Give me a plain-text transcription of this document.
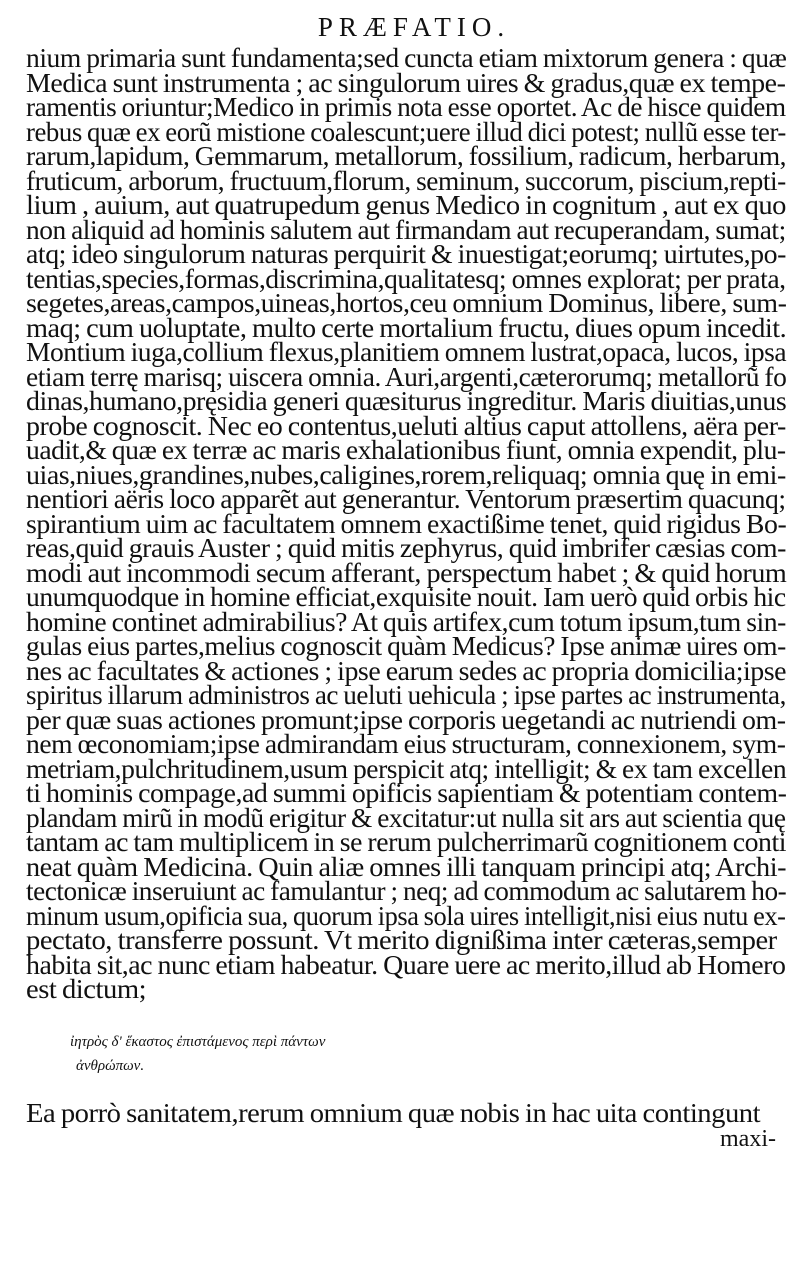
PRÆFATIO.
nium primaria sunt fundamenta;sed cuncta etiam mixtorum genera : quæ
Medica sunt instrumenta ; ac singulorum uires & gradus,quæ ex tempe-
ramentis oriuntur;Medico in primis nota esse oportet. Ac de hisce quidem
rebus quæ ex eorũ mistione coalescunt;uere illud dici potest; nullũ esse ter-
rarum,lapidum, Gemmarum, metallorum, fossilium, radicum, herbarum,
fruticum, arborum, fructuum,florum, seminum, succorum, piscium,repti-
lium , auium, aut quatrupedum genus Medico in cognitum , aut ex quo
non aliquid ad hominis salutem aut firmandam aut recuperandam, sumat;
atq; ideo singulorum naturas perquirit & inuestigat;eorumq; uirtutes,po-
tentias,species,formas,discrimina,qualitatesq; omnes explorat; per prata,
segetes,areas,campos,uineas,hortos,ceu omnium Dominus, libere, sum-
maq; cum uoluptate, multo certe mortalium fructu, diues opum incedit.
Montium iuga,collium flexus,planitiem omnem lustrat,opaca, lucos, ipsa
etiam terrę marisq; uiscera omnia. Auri,argenti,cæterorumq; metallorũ fo
dinas,humano,pręsidia generi quæsiturus ingreditur. Maris diuitias,unus
probe cognoscit. Nec eo contentus,ueluti altius caput attollens, aëra per-
uadit,& quæ ex terræ ac maris exhalationibus fiunt, omnia expendit, plu-
uias,niues,grandines,nubes,caligines,rorem,reliquaq; omnia quę in emi-
nentiori aëris loco apparẽt aut generantur. Ventorum præsertim quacunq;
spirantium uim ac facultatem omnem exactißime tenet, quid rigidus Bo-
reas,quid grauis Auster ; quid mitis zephyrus, quid imbrifer cæsias com-
modi aut incommodi secum afferant, perspectum habet ; & quid horum
unumquodque in homine efficiat,exquisite nouit. Iam uerò quid orbis hic
homine continet admirabilius? At quis artifex,cum totum ipsum,tum sin-
gulas eius partes,melius cognoscit quàm Medicus? Ipse animæ uires om-
nes ac facultates & actiones ; ipse earum sedes ac propria domicilia;ipse
spiritus illarum administros ac ueluti uehicula ; ipse partes ac instrumenta,
per quæ suas actiones promunt;ipse corporis uegetandi ac nutriendi om-
nem œconomiam;ipse admirandam eius structuram, connexionem, sym-
metriam,pulchritudinem,usum perspicit atq; intelligit; & ex tam excellen
ti hominis compage,ad summi opificis sapientiam & potentiam contem-
plandam mirũ in modũ erigitur & excitatur:ut nulla sit ars aut scientia quę
tantam ac tam multiplicem in se rerum pulcherrimarũ cognitionem conti
neat quàm Medicina. Quin aliæ omnes illi tanquam principi atq; Archi-
tectonicæ inseruiunt ac famulantur ; neq; ad commodum ac salutarem ho-
minum usum,opificia sua, quorum ipsa sola uires intelligit,nisi eius nutu ex-
pectato, transferre possunt. Vt merito dignißima inter cæteras,semper
habita sit,ac nunc etiam habeatur. Quare uere ac merito,illud ab Homero
est dictum;
ἰητρὸς δ' ἕκαστος ἐπιστάμενος περὶ πάντων
ἀνθρώπων.
Ea porrò sanitatem,rerum omnium quæ nobis in hac uita contingunt
maxi-
